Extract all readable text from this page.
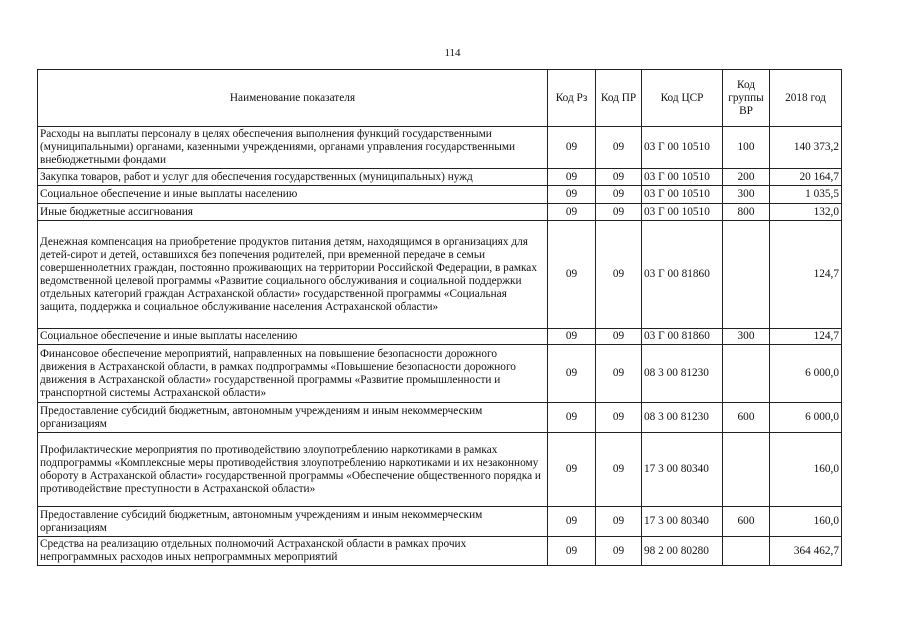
114
Наименование показателя	Код Рз	Код ПР	Код ЦСР	Код группы ВР	2018 год
Расходы на выплаты персоналу в целях обеспечения выполнения функций государственными (муниципальными) органами, казенными учреждениями, органами управления государственными внебюджетными фондами	09	09	03 Г 00 10510	100	140 373,2
Закупка товаров, работ и услуг для обеспечения государственных (муниципальных) нужд	09	09	03 Г 00 10510	200	20 164,7
Социальное обеспечение и иные выплаты населению	09	09	03 Г 00 10510	300	1 035,5
Иные бюджетные ассигнования	09	09	03 Г 00 10510	800	132,0
Денежная компенсация на приобретение продуктов питания детям, находящимся в организациях для детей-сирот и детей, оставшихся без попечения родителей, при временной передаче в семьи совершеннолетних граждан, постоянно проживающих на территории Российской Федерации, в рамках ведомственной целевой программы «Развитие социального обслуживания и социальной поддержки отдельных категорий граждан Астраханской области» государственной программы «Социальная защита, поддержка и социальное обслуживание населения Астраханской области»	09	09	03 Г 00 81860		124,7
Социальное обеспечение и иные выплаты населению	09	09	03 Г 00 81860	300	124,7
Финансовое обеспечение мероприятий, направленных на повышение безопасности дорожного движения в Астраханской области, в рамках подпрограммы «Повышение безопасности дорожного движения в Астраханской области» государственной программы «Развитие промышленности и транспортной системы Астраханской области»	09	09	08 3 00 81230		6 000,0
Предоставление субсидий бюджетным, автономным учреждениям и иным некоммерческим организациям	09	09	08 3 00 81230	600	6 000,0
Профилактические мероприятия по противодействию злоупотреблению наркотиками в рамках подпрограммы «Комплексные меры противодействия злоупотреблению наркотиками и их незаконному обороту в Астраханской области» государственной программы «Обеспечение общественного порядка и противодействие преступности в Астраханской области»	09	09	17 3 00 80340		160,0
Предоставление субсидий бюджетным, автономным учреждениям и иным некоммерческим организациям	09	09	17 3 00 80340	600	160,0
Средства на реализацию отдельных полномочий Астраханской области в рамках прочих непрограммных расходов иных непрограммных мероприятий	09	09	98 2 00 80280		364 462,7
